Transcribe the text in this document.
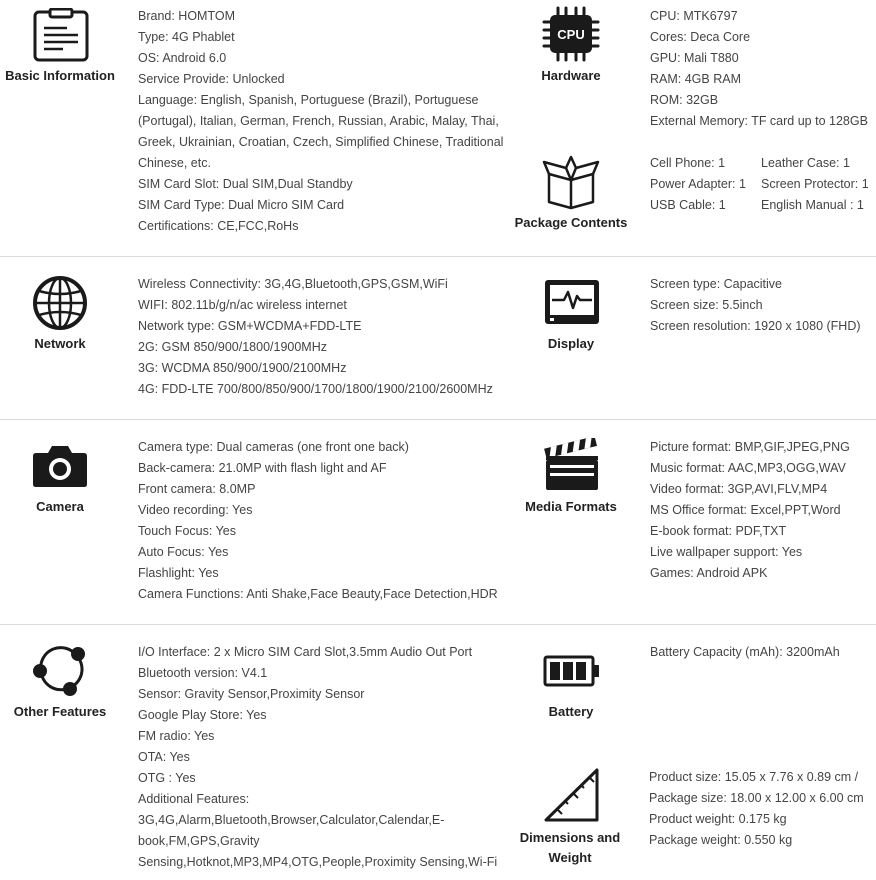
Basic Information
Brand: HOMTOM
Type: 4G Phablet
OS: Android 6.0
Service Provide: Unlocked
Language: English, Spanish, Portuguese (Brazil), Portuguese (Portugal), Italian, German, French, Russian, Arabic, Malay, Thai, Greek, Ukrainian, Croatian, Czech, Simplified Chinese, Traditional Chinese, etc.
SIM Card Slot: Dual SIM,Dual Standby
SIM Card Type: Dual Micro SIM Card
Certifications: CE,FCC,RoHs
CPU
Hardware
CPU: MTK6797
Cores: Deca Core
GPU: Mali T880
RAM: 4GB RAM
ROM: 32GB
External Memory: TF card up to 128GB
Package Contents
Cell Phone: 1
Power Adapter: 1
USB Cable: 1
Leather Case: 1
Screen Protector: 1
English Manual : 1
Network
Wireless Connectivity: 3G,4G,Bluetooth,GPS,GSM,WiFi
WIFI: 802.11b/g/n/ac wireless internet
Network type: GSM+WCDMA+FDD-LTE
2G: GSM 850/900/1800/1900MHz
3G: WCDMA 850/900/1900/2100MHz
4G: FDD-LTE 700/800/850/900/1700/1800/1900/2100/2600MHz
Display
Screen type: Capacitive
Screen size: 5.5inch
Screen resolution: 1920 x 1080 (FHD)
Camera
Camera type: Dual cameras (one front one back)
Back-camera: 21.0MP with flash light and AF
Front camera: 8.0MP
Video recording: Yes
Touch Focus: Yes
Auto Focus: Yes
Flashlight: Yes
Camera Functions: Anti Shake,Face Beauty,Face Detection,HDR
Media Formats
Picture format: BMP,GIF,JPEG,PNG
Music format: AAC,MP3,OGG,WAV
Video format: 3GP,AVI,FLV,MP4
MS Office format: Excel,PPT,Word
E-book format: PDF,TXT
Live wallpaper support: Yes
Games: Android APK
Other Features
I/O Interface: 2 x Micro SIM Card Slot,3.5mm Audio Out Port
Bluetooth version: V4.1
Sensor: Gravity Sensor,Proximity Sensor
Google Play Store: Yes
FM radio: Yes
OTA: Yes
OTG : Yes
Additional Features:
3G,4G,Alarm,Bluetooth,Browser,Calculator,Calendar,E-book,FM,GPS,Gravity Sensing,Hotknot,MP3,MP4,OTG,People,Proximity Sensing,Wi-Fi
Battery
Battery Capacity (mAh): 3200mAh
Dimensions and Weight
Product size: 15.05 x 7.76 x 0.89 cm /
Package size: 18.00 x 12.00 x 6.00 cm
Product weight: 0.175 kg
Package weight: 0.550 kg
